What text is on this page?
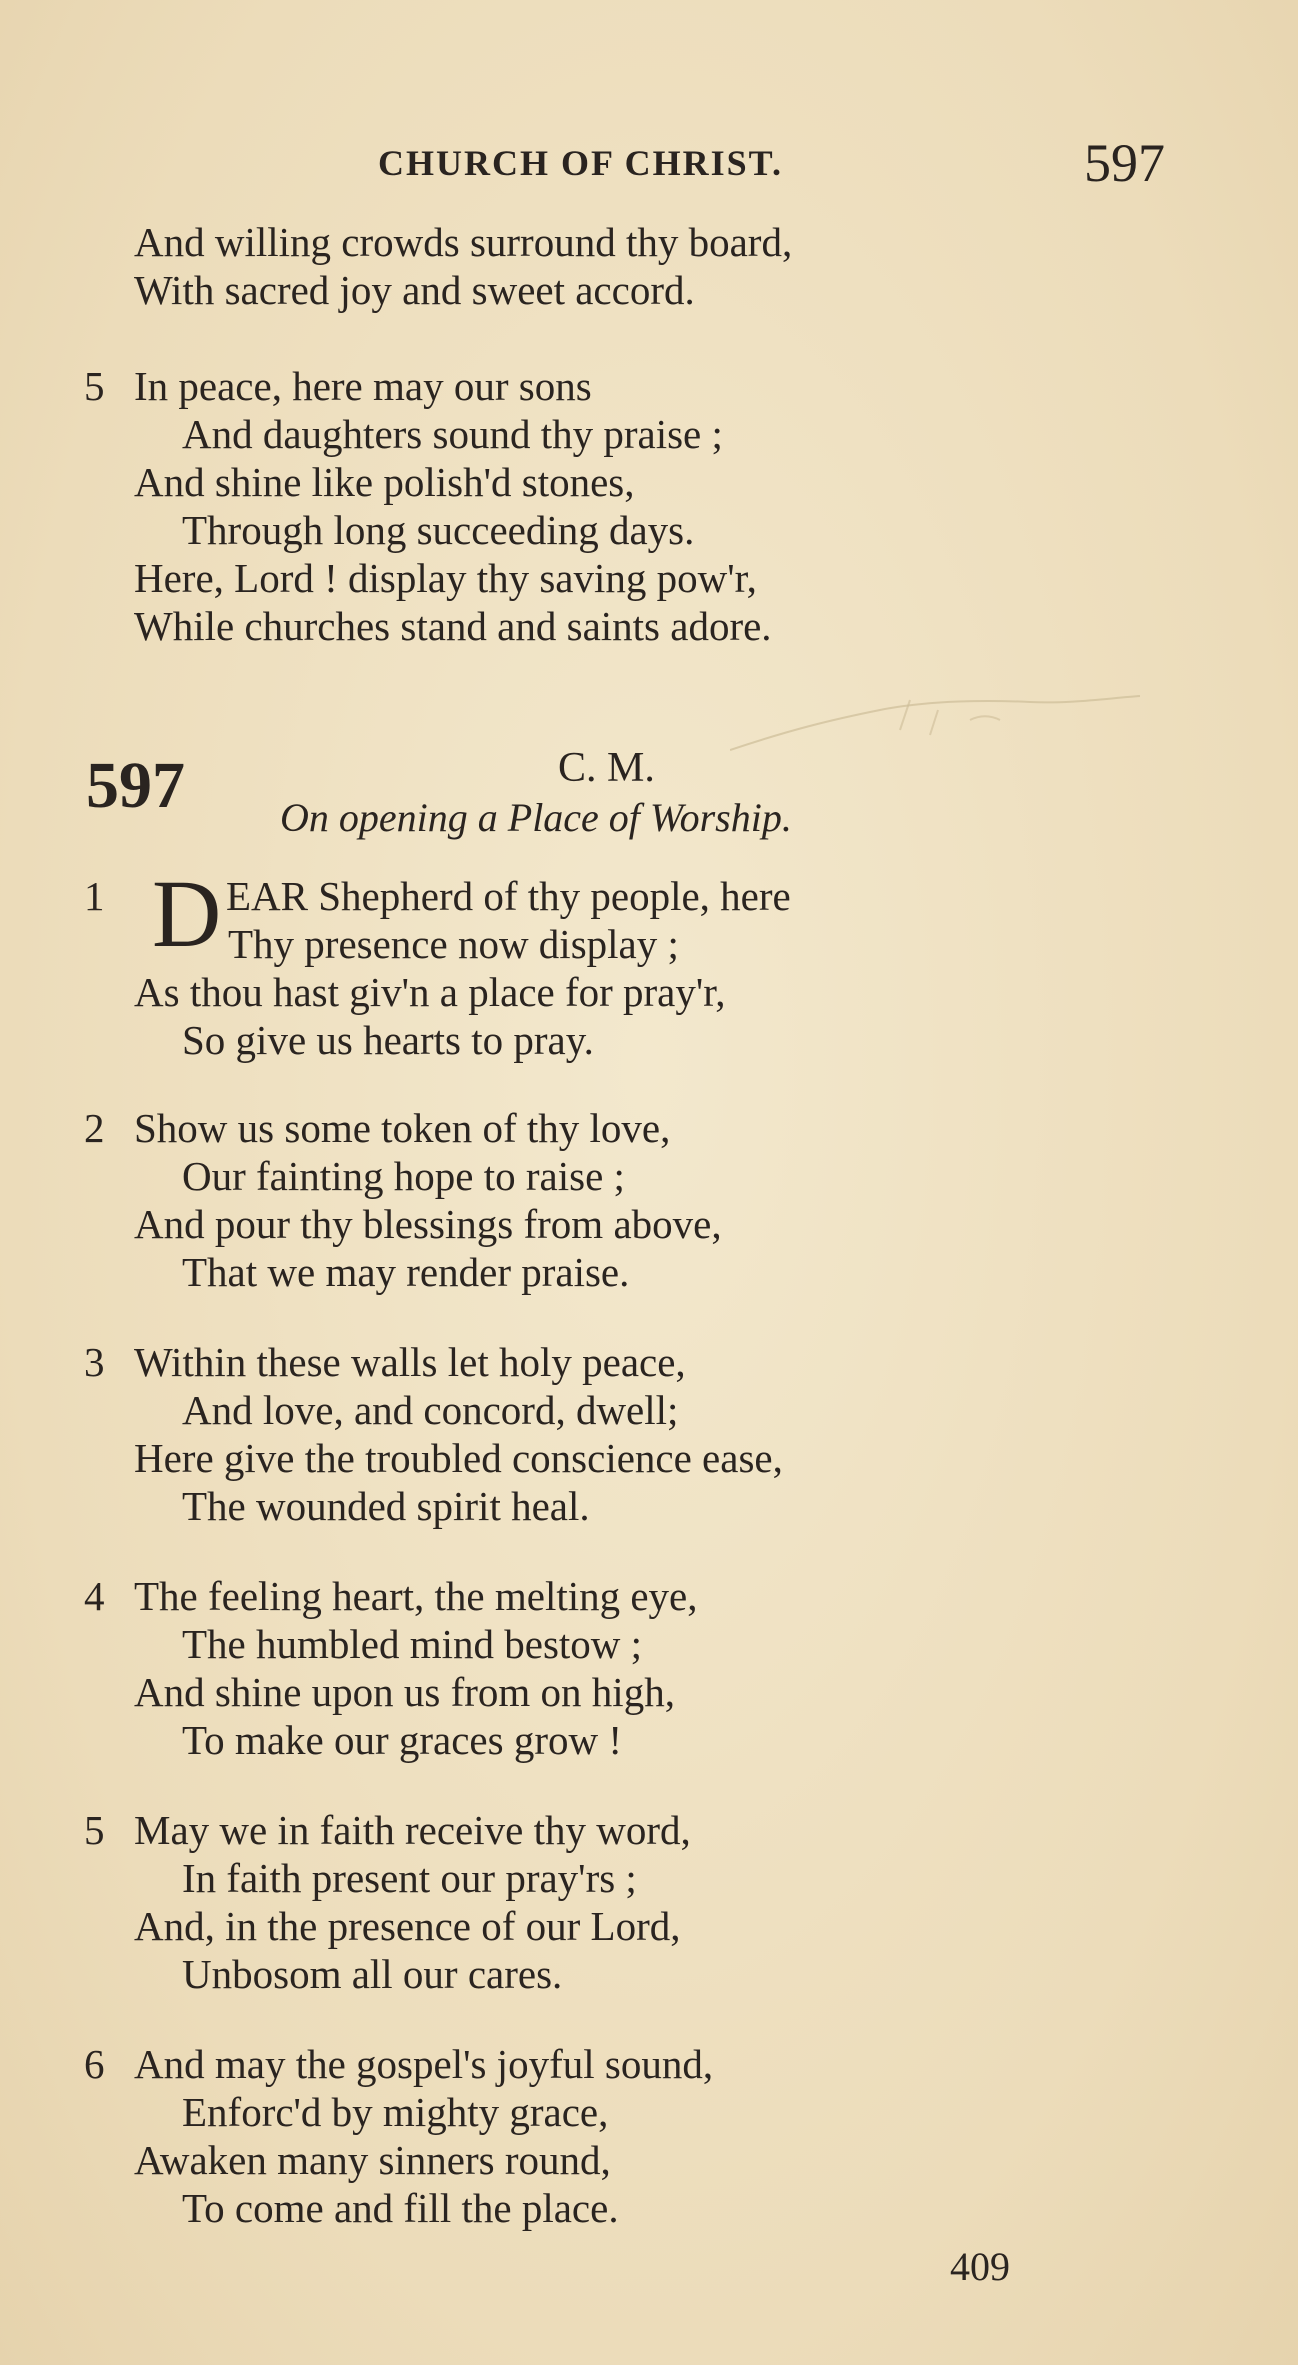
CHURCH OF CHRIST.	597
And willing crowds surround thy board,
With sacred joy and sweet accord.
5 In peace, here may our sons
And daughters sound thy praise ;
And shine like polish'd stones,
Through long succeeding days.
Here, Lord ! display thy saving pow'r,
While churches stand and saints adore.
597	C. M.
On opening a Place of Worship.
1 D EAR Shepherd of thy people, here
Thy presence now display ;
As thou hast giv'n a place for pray'r,
So give us hearts to pray.
2 Show us some token of thy love,
Our fainting hope to raise ;
And pour thy blessings from above,
That we may render praise.
3 Within these walls let holy peace,
And love, and concord, dwell;
Here give the troubled conscience ease,
The wounded spirit heal.
4 The feeling heart, the melting eye,
The humbled mind bestow ;
And shine upon us from on high,
To make our graces grow !
5 May we in faith receive thy word,
In faith present our pray'rs ;
And, in the presence of our Lord,
Unbosom all our cares.
6 And may the gospel's joyful sound,
Enforc'd by mighty grace,
Awaken many sinners round,
To come and fill the place.
409
